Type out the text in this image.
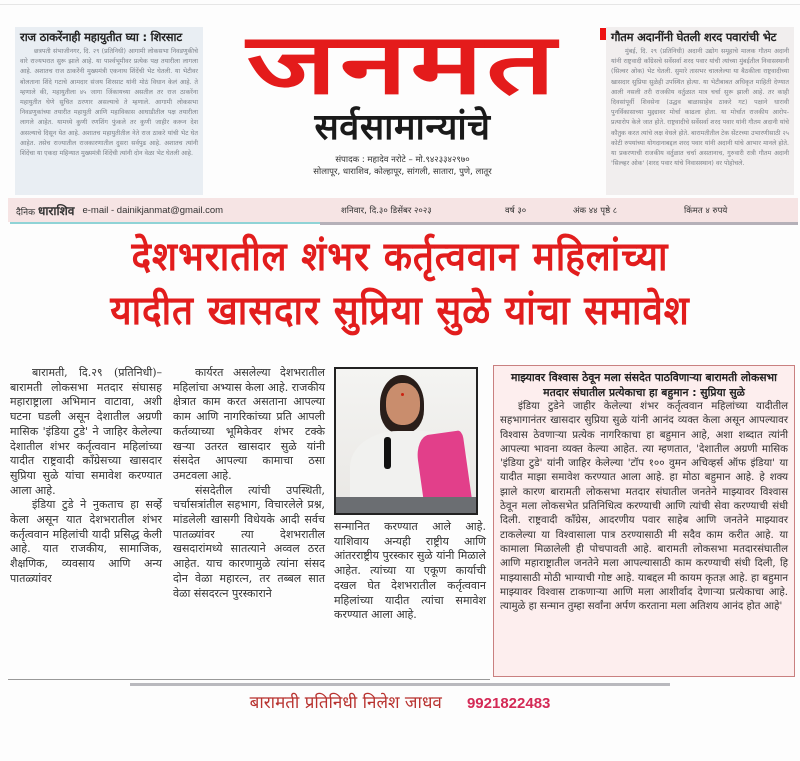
राज ठाकरेंनाही महायुतीत घ्या : शिरसाट

छत्रपती संभाजीनगर, दि. २९ (प्रतिनिधी) आगामी लोकसभा निवडणुकीचे वारे राज्यभरात सुरू झाले आहे. या पार्श्वभूमीवर प्रत्येक पक्ष तयारीला लागला आहे. अशातच राज ठाकरेंनी मुख्यमंत्री एकनाथ शिंदेंची भेट घेतली. या भेटीवर बोलताना शिंदे गटाचे आमदार संजय शिरसाट यांनी मोठं विधान केलं आहे. ते म्हणाले की, महायुतीला ४५ जागा जिंकायच्या असतील तर राज ठाकरेंना महायुतीत घेणे सुचित ठरणार असल्याचे ते म्हणाले. आगामी लोकसभा निवडणुकांच्या तयारीत महायुती आणि महाविकास आघाडीतील पक्ष तयारीला लागले आहेत. यामध्ये कुणी रणशिंग फुंकले तर कुणी जाहीर करून देश असल्याचे दिसून येत आहे. अशातच महायुतीतील नेते राज ठाकरे यांची भेट घेत आहेत. तसेच राज्यातील राजकारणातील दुसरा सर्वपुढ आहे. अशातच त्यांनी शिंदेंचा या एकदा महिन्यात मुख्यमंत्री शिंदेंची त्यांनी दोन वेळा भेट घेतली आहे.

जनमत
सर्वसामान्यांचे
संपादक : महादेव नरोटे – मो.९४२३३४२९७०
सोलापूर, धाराशिव, कोल्हापूर, सांगली, सातारा, पुणे, लातूर
गौतम अदानींनी घेतली शरद पवारांची भेट

मुंबई, दि. २९ (प्रतिनिधी) अदानी उद्योग समूहाचे मालक गौतम अदानी यांनी राष्ट्रवादी काँग्रेसचे सर्वेसर्वा शरद पवार यांची त्यांच्या मुंबईतील निवासस्थानी (सिल्वर ओक) भेट घेतली. सुमारे तासभर चाललेल्या या बैठकीला राष्ट्रवादीच्या खासदार सुप्रिया सुळेही उपस्थित होत्या. या भेटीबाबत अधिकृत माहिती देण्यात आली नसली तरी राजकीय वर्तुळात मात्र चर्चा सुरू झाली आहे. तर काही दिवसांपूर्वी शिवसेना (उद्धव बाळासाहेब ठाकरे गट) पक्षाने धारावी पुनर्विकासाच्या मुद्द्यावर मोर्चा काढला होता. या मोर्चात राजकीय आरोप-प्रत्यारोप केले जात होते. राष्ट्रवादीचे सर्वेसर्वा शरद पवार यांनी गौतम अदानी यांचे कौतुक करत त्यांचे लक्ष वेधले होते. बारामतीतील टेक सेंटरच्या उभारणीसाठी २५ कोटी रुपयांच्या योगदानाबद्दल शरद पवार यांनी अदानी यांचे आभार मानले होते. या प्रकरणाची राजकीय वर्तुळात चर्चा असतानाच, गुरुवारी रात्री गौतम अदानी 'सिल्व्हर ओक' (शरद पवार यांचे निवासस्थान) वर पोहोचले.

दैनिक धाराशिव e-mail - dainikjanmat@gmail.com	शनिवार, दि.३० डिसेंबर २०२३	वर्ष ३०	अंक ४४ पृष्ठे ८	किंमत ४ रुपये
देशभरातील शंभर कर्तृत्ववान महिलांच्या
यादीत खासदार सुप्रिया सुळे यांचा समावेश

बारामती, दि.२९ (प्रतिनिधी)– बारामती लोकसभा मतदार संघासह महाराष्ट्राला अभिमान वाटावा, अशी घटना घडली असून देशातील अग्रणी मासिक 'इंडिया टुडे' ने जाहिर केलेल्या देशातील शंभर कर्तृत्ववान महिलांच्या यादीत राष्ट्रवादी काँग्रेसच्या खासदार सुप्रिया सुळे यांचा समावेश करण्यात आला आहे.

इंडिया टुडे ने नुकताच हा सर्व्हे केला असून यात देशभरातील शंभर कर्तृत्ववान महिलांची यादी प्रसिद्ध केली आहे. यात राजकीय, सामाजिक, शैक्षणिक, व्यवसाय आणि अन्य पातळ्यांवर

कार्यरत असलेल्या देशभरातील महिलांचा अभ्यास केला आहे. राजकीय क्षेत्रात काम करत असताना आपल्या काम आणि नागरिकांच्या प्रति आपली कर्तव्याच्या भूमिकेवर शंभर टक्के खऱ्या उतरत खासदार सुळे यांनी संसदेत आपल्या कामाचा ठसा उमटवला आहे.

संसदेतील त्यांची उपस्थिती, चर्चासत्रांतील सहभाग, विचारलेले प्रश्न, मांडलेली खासगी विधेयके आदी सर्वच पातळ्यांवर त्या देशभरातील खसदारांमध्ये सातत्याने अव्वल ठरत आहेत. याच कारणामुळे त्यांना संसद दोन वेळा महारत्न, तर तब्बल सात वेळा संसदरत्न पुरस्काराने

सन्मानित करण्यात आले आहे. याशिवाय अन्यही राष्ट्रीय आणि आंतरराष्ट्रीय पुरस्कार सुळे यांनी मिळाले आहेत. त्यांच्या या एकूण कार्याची दखल घेत देशभरातील कर्तृत्ववान महिलांच्या यादीत त्यांचा समावेश करण्यात आला आहे.

माझ्यावर विश्वास ठेवून मला संसदेत पाठविणाऱ्या बारामती लोकसभा मतदार संघातील प्रत्येकाचा हा बहुमान : सुप्रिया सुळे

इंडिया टुडेने जाहीर केलेल्या शंभर कर्तृत्ववान महिलांच्या यादीतील सहभागानंतर खासदार सुप्रिया सुळे यांनी आनंद व्यक्त केला असून आपल्यावर विश्वास ठेवणाऱ्या प्रत्येक नागरिकाचा हा बहुमान आहे, अशा शब्दात त्यांनी आपल्या भावना व्यक्त केल्या आहेत. त्या म्हणतात, 'देशातील अग्रणी मासिक 'इंडिया टुडे' यांनी जाहिर केलेल्या 'टॉप १०० वुमन अचिव्हर्स ऑफ इंडिया' या यादीत माझा समावेश करण्यात आला आहे. हा मोठा बहुमान आहे. हे शक्य झाले कारण बारामती लोकसभा मतदार संघातील जनतेने माझ्यावर विश्वास ठेवून मला लोकसभेत प्रतिनिधित्व करण्याची आणि त्यांची सेवा करण्याची संधी दिली. राष्ट्रवादी काँग्रेस, आदरणीय पवार साहेब आणि जनतेने माझ्यावर टाकलेल्या या विश्वासाला पात्र ठरण्यासाठी मी सदैव काम करीत आहे. या कामाला मिळालेली ही पोचपावती आहे. बारामती लोकसभा मतदारसंघातील आणि महाराष्ट्रातील जनतेने मला आपल्यासाठी काम करण्याची संधी दिली, हि माझ्यासाठी मोठी भाग्याची गोष्ट आहे. याबद्दल मी कायम कृतज्ञ आहे. हा बहुमान माझ्यावर विश्वास टाकणाऱ्या आणि मला आशीर्वाद देणाऱ्या प्रत्येकाचा आहे. त्यामुळे हा सन्मान तुम्हा सर्वांना अर्पण करताना मला अतिशय आनंद होत आहे'

बारामती प्रतिनिधी निलेश जाधव 9921822483
